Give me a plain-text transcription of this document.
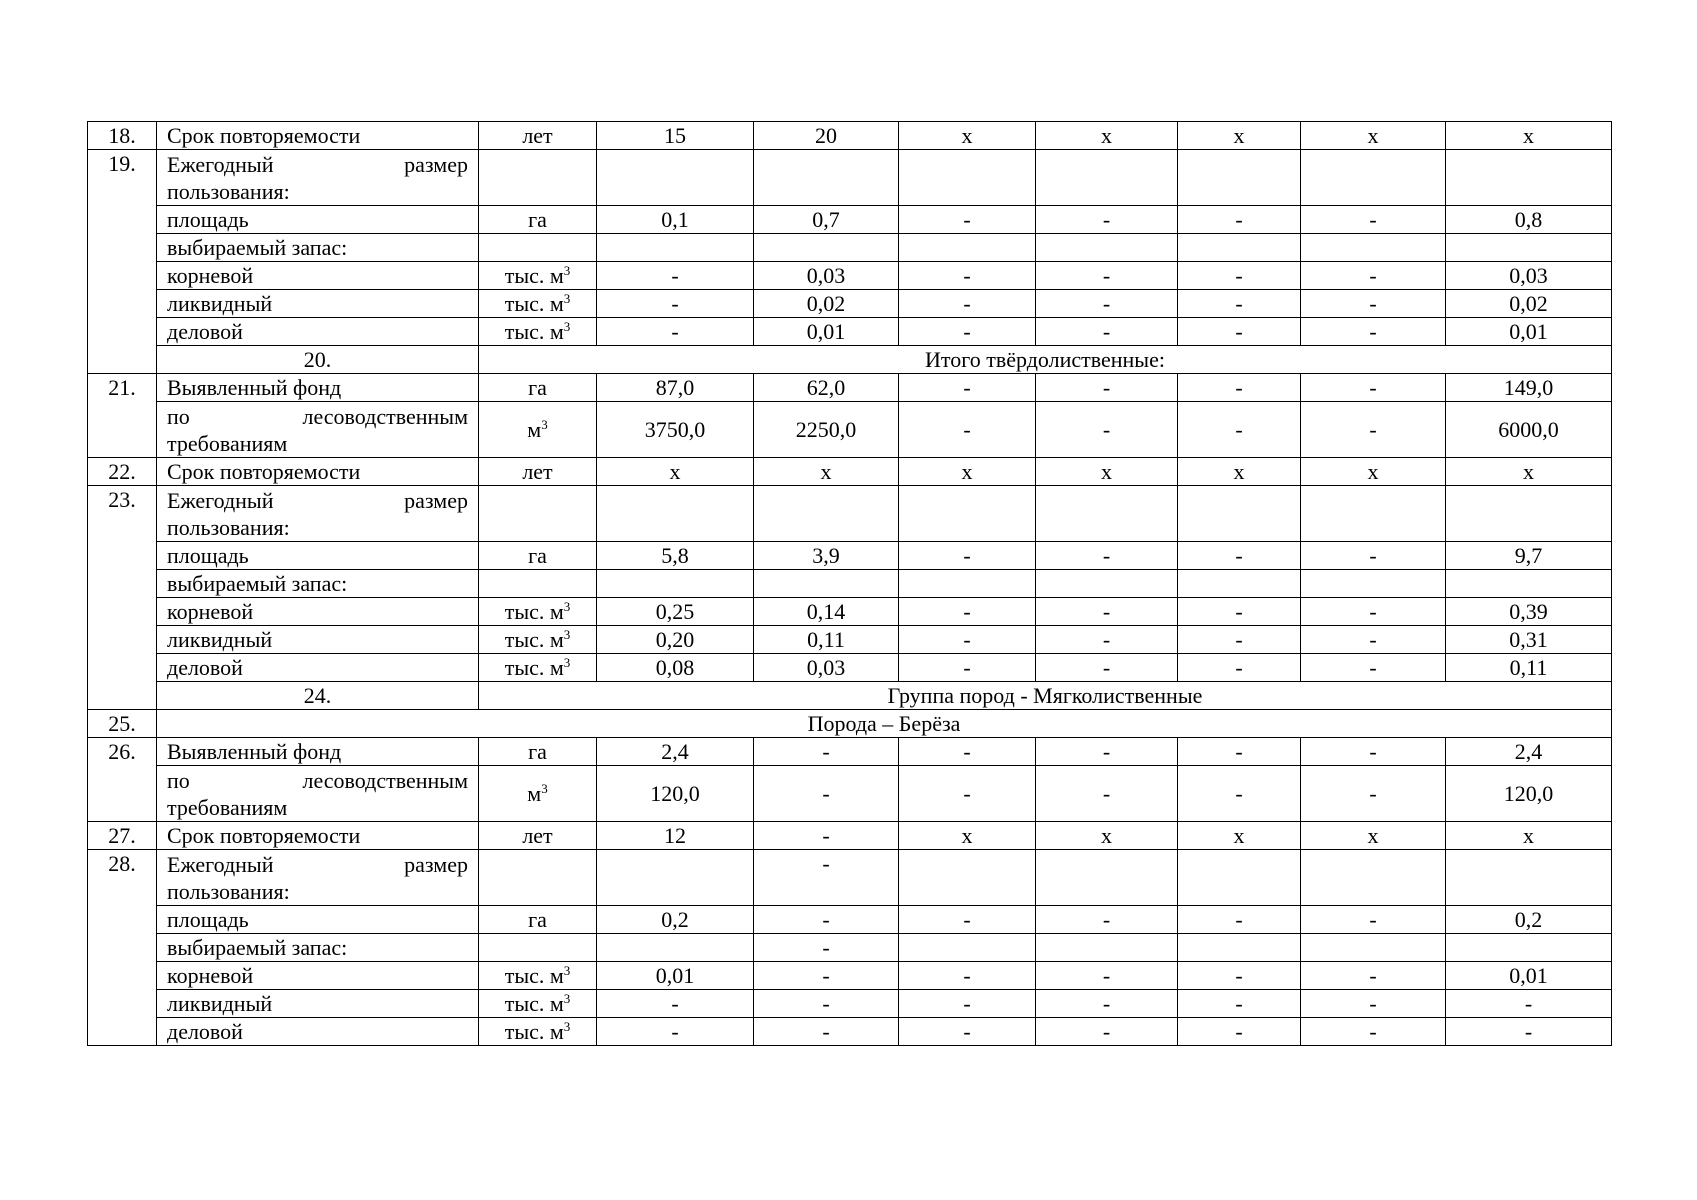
18.	Срок повторяемости	лет	15	20	х	х	х	х	х
19.	Ежегодный размер пользования:								
	площадь	га	0,1	0,7	-	-	-	-	0,8
	выбираемый запас:								
	корневой	тыс. $м^3$	-	0,03	-	-	-	-	0,03
	ликвидный	тыс. $м^3$	-	0,02	-	-	-	-	0,02
	деловой	тыс. $м^3$	-	0,01	-	-	-	-	0,01
	20.	Итого твёрдолиственные:							
21.	Выявленный фонд	га	87,0	62,0	-	-	-	-	149,0
	по лесоводственным требованиям	$м^3$	3750,0	2250,0	-	-	-	-	6000,0
22.	Срок повторяемости	лет	х	х	х	х	х	х	х
23.	Ежегодный размер пользования:								
	площадь	га	5,8	3,9	-	-	-	-	9,7
	выбираемый запас:								
	корневой	тыс. $м^3$	0,25	0,14	-	-	-	-	0,39
	ликвидный	тыс. $м^3$	0,20	0,11	-	-	-	-	0,31
	деловой	тыс. $м^3$	0,08	0,03	-	-	-	-	0,11
	24.	Группа пород - Мягколиственные							
25.	Порода – Берёза								
26.	Выявленный фонд	га	2,4	-	-	-	-	-	2,4
	по лесоводственным требованиям	$м^3$	120,0	-	-	-	-	-	120,0
27.	Срок повторяемости	лет	12	-	х	х	х	х	х
28.	Ежегодный размер пользования:			-					
	площадь	га	0,2	-	-	-	-	-	0,2
	выбираемый запас:			-					
	корневой	тыс. $м^3$	0,01	-	-	-	-	-	0,01
	ликвидный	тыс. $м^3$	-	-	-	-	-	-	-
	деловой	тыс. $м^3$	-	-	-	-	-	-	-
